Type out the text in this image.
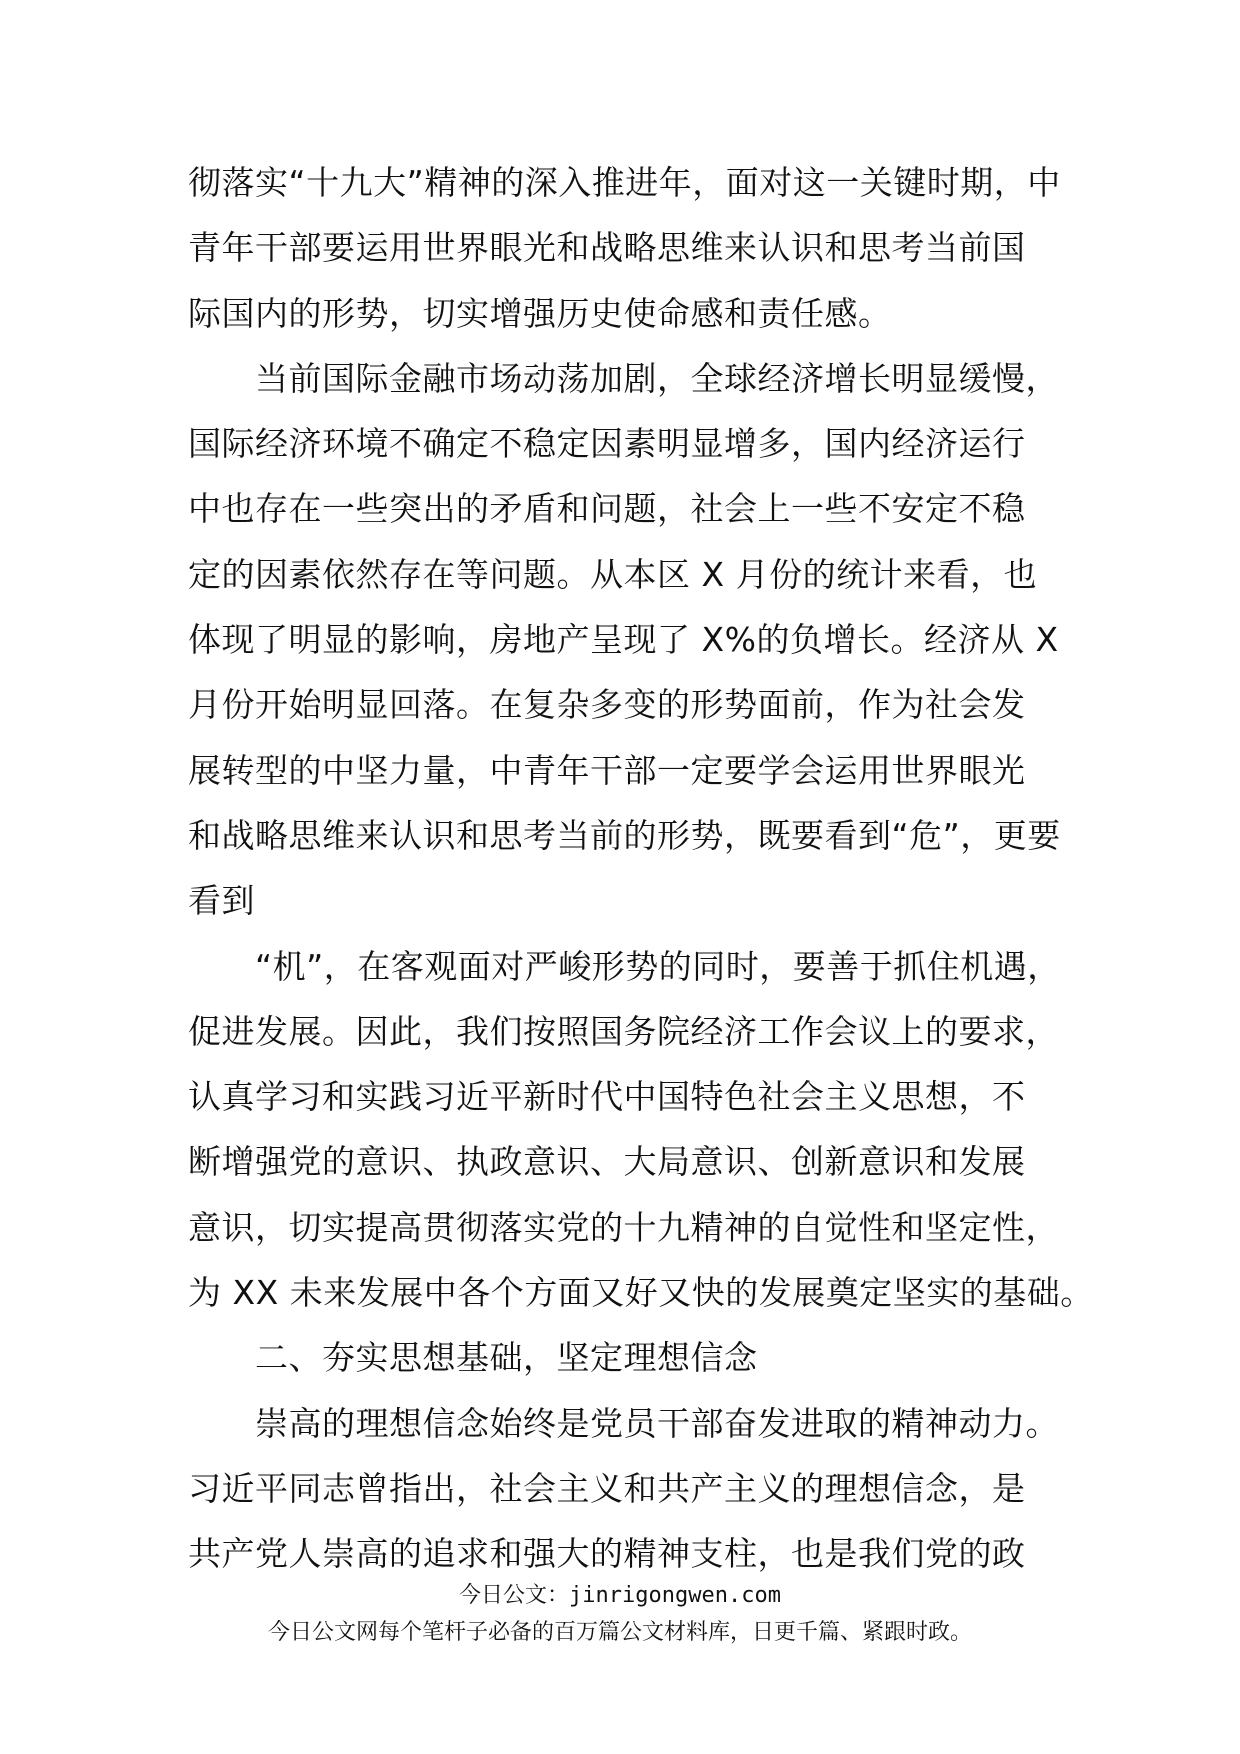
彻落实“十九大”精神的深入推进年，面对这一关键时期，中
青年干部要运用世界眼光和战略思维来认识和思考当前国
际国内的形势，切实增强历史使命感和责任感。
当前国际金融市场动荡加剧，全球经济增长明显缓慢，
国际经济环境不确定不稳定因素明显增多，国内经济运行
中也存在一些突出的矛盾和问题，社会上一些不安定不稳
定的因素依然存在等问题。从本区 X 月份的统计来看，也
体现了明显的影响，房地产呈现了 X%的负增长。经济从 X
月份开始明显回落。在复杂多变的形势面前，作为社会发
展转型的中坚力量，中青年干部一定要学会运用世界眼光
和战略思维来认识和思考当前的形势，既要看到“危”，更要
看到
“机”，在客观面对严峻形势的同时，要善于抓住机遇，
促进发展。因此，我们按照国务院经济工作会议上的要求，
认真学习和实践习近平新时代中国特色社会主义思想，不
断增强党的意识、执政意识、大局意识、创新意识和发展
意识，切实提高贯彻落实党的十九精神的自觉性和坚定性，
为 XX 未来发展中各个方面又好又快的发展奠定坚实的基础。
二、夯实思想基础，坚定理想信念
崇高的理想信念始终是党员干部奋发进取的精神动力。
习近平同志曾指出，社会主义和共产主义的理想信念，是
共产党人崇高的追求和强大的精神支柱，也是我们党的政
今日公文：jinrigongwen.com
今日公文网每个笔杆子必备的百万篇公文材料库，日更千篇、紧跟时政。
